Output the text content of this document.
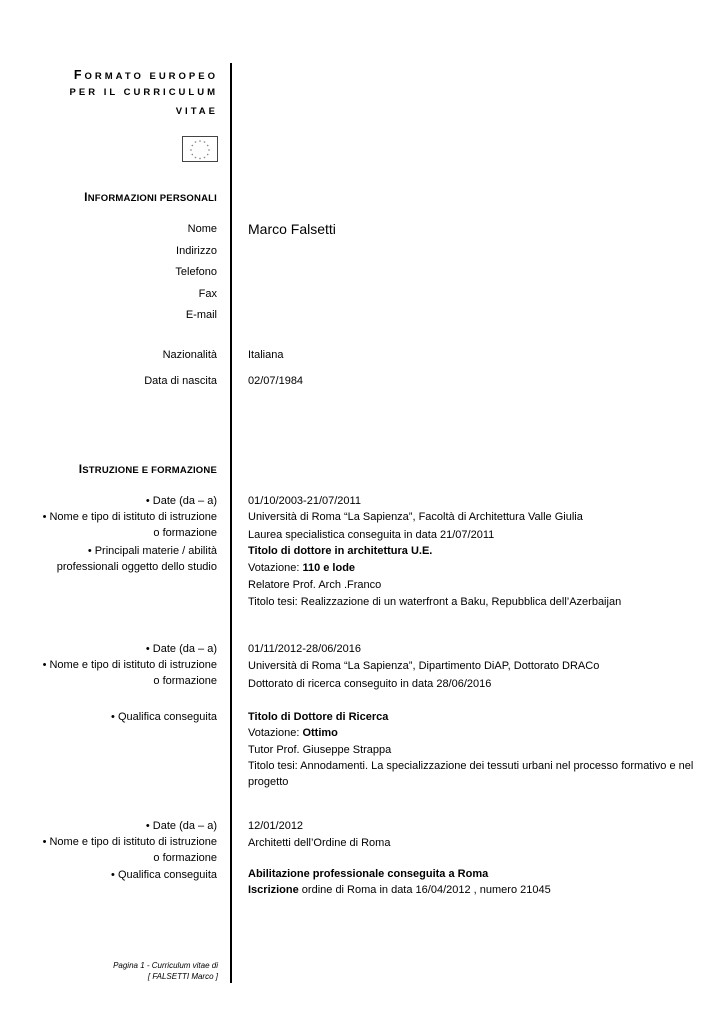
FORMATO EUROPEO
PER IL CURRICULUM
VITAE
* *
*
*
*
*
*
*
*
*
*
*
INFORMAZIONI PERSONALI
Nome Marco Falsetti
Indirizzo
Telefono
Fax
E-mail
Nazionalità	Italiana
Data di nascita	02/07/1984
ISTRUZIONE E FORMAZIONE
• Date (da – a)
• Nome e tipo di istituto di istruzione
o formazione
• Principali materie / abilità
professionali oggetto dello studio
01/10/2003-21/07/2011
Università di Roma “La Sapienza”, Facoltà di Architettura Valle Giulia
Laurea specialistica conseguita in data 21/07/2011
Titolo di dottore in architettura U.E.
Votazione: 110 e lode
Relatore Prof. Arch .Franco
Titolo tesi: Realizzazione di un waterfront a Baku, Repubblica dell’Azerbaijan
• Date (da – a)
• Nome e tipo di istituto di istruzione
o formazione
• Qualifica conseguita
01/11/2012-28/06/2016
Università di Roma “La Sapienza”, Dipartimento DiAP, Dottorato DRACo
Dottorato di ricerca conseguito in data 28/06/2016
Titolo di Dottore di Ricerca
Votazione: Ottimo
Tutor Prof. Giuseppe Strappa
Titolo tesi: Annodamenti. La specializzazione dei tessuti urbani nel processo formativo e nel
progetto
• Date (da – a)
• Nome e tipo di istituto di istruzione
o formazione
• Qualifica conseguita
12/01/2012
Architetti dell’Ordine di Roma
Abilitazione professionale conseguita a Roma
Iscrizione ordine di Roma in data 16/04/2012 , numero 21045
Pagina 1 - Curriculum vitae di
[ FALSETTI Marco ]
